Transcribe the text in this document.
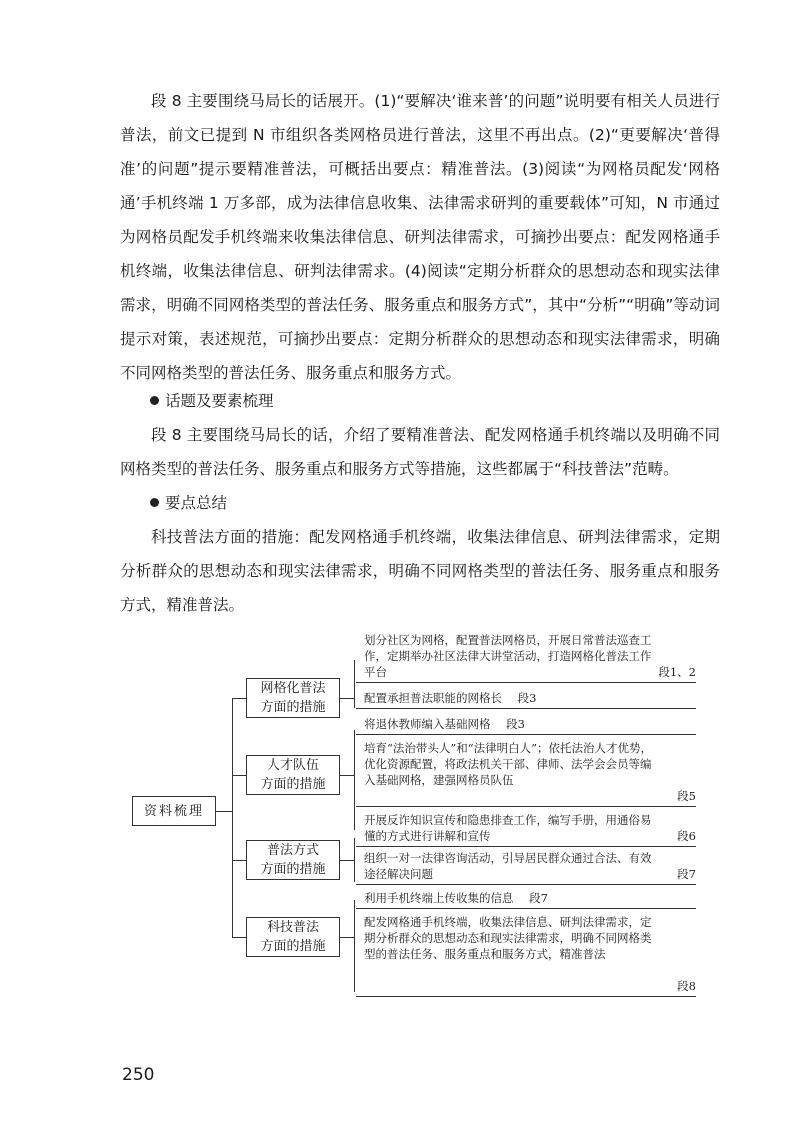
段 8 主要围绕马局长的话展开。(1)“要解决‘谁来普’的问题”说明要有相关人员进行普法，前文已提到 N 市组织各类网格员进行普法，这里不再出点。(2)“更要解决‘普得准’的问题”提示要精准普法，可概括出要点：精准普法。(3)阅读“为网格员配发‘网格通’手机终端 1 万多部，成为法律信息收集、法律需求研判的重要载体”可知，N 市通过为网格员配发手机终端来收集法律信息、研判法律需求，可摘抄出要点：配发网格通手机终端，收集法律信息、研判法律需求。(4)阅读“定期分析群众的思想动态和现实法律需求，明确不同网格类型的普法任务、服务重点和服务方式”，其中“分析”“明确”等动词提示对策，表述规范，可摘抄出要点：定期分析群众的思想动态和现实法律需求，明确不同网格类型的普法任务、服务重点和服务方式。

话题及要素梳理

段 8 主要围绕马局长的话，介绍了要精准普法、配发网格通手机终端以及明确不同网格类型的普法任务、服务重点和服务方式等措施，这些都属于“科技普法”范畴。

要点总结

科技普法方面的措施：配发网格通手机终端，收集法律信息、研判法律需求，定期分析群众的思想动态和现实法律需求，明确不同网格类型的普法任务、服务重点和服务方式，精准普法。

资料梳理
网格化普法
方面的措施
人才队伍
方面的措施
普法方式
方面的措施
科技普法
方面的措施
划分社区为网格，配置普法网格员，开展日常普法巡查工作，定期举办社区法律大讲堂活动，打造网格化普法工作平台	段1、2
配置承担普法职能的网格长 段3
将退休教师编入基础网格 段3
培育“法治带头人”和“法律明白人”；依托法治人才优势，优化资源配置，将政法机关干部、律师、法学会会员等编入基础网格，建强网格员队伍
段5
开展反诈知识宣传和隐患排查工作，编写手册，用通俗易懂的方式进行讲解和宣传	段6
组织一对一法律咨询活动，引导居民群众通过合法、有效途径解决问题	段7
利用手机终端上传收集的信息 段7
配发网格通手机终端，收集法律信息、研判法律需求，定期分析群众的思想动态和现实法律需求，明确不同网格类型的普法任务、服务重点和服务方式，精准普法
段8
250
